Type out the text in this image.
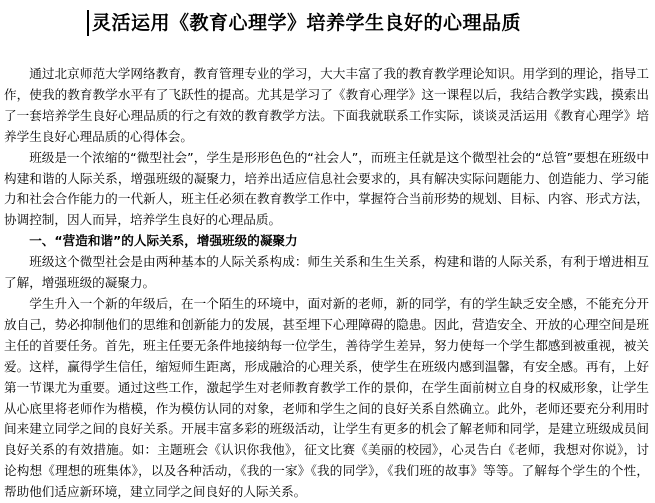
灵活运用《教育心理学》培养学生良好的心理品质

通过北京师范大学网络教育，教育管理专业的学习，大大丰富了我的教育教学理论知识。用学到的理论，指导工作，使我的教育教学水平有了飞跃性的提高。尤其是学习了《教育心理学》这一课程以后，我结合教学实践，摸索出了一套培养学生良好心理品质的行之有效的教育教学方法。下面我就联系工作实际，谈谈灵活运用《教育心理学》培养学生良好心理品质的心得体会。

班级是一个浓缩的“微型社会”，学生是形形色色的“社会人”，而班主任就是这个微型社会的“总管”要想在班级中构建和谐的人际关系，增强班级的凝聚力，培养出适应信息社会要求的，具有解决实际问题能力、创造能力、学习能力和社会合作能力的一代新人，班主任必须在教育教学工作中，掌握符合当前形势的规划、目标、内容、形式方法，协调控制，因人而异，培养学生良好的心理品质。

一、“营造和谐”的人际关系，增强班级的凝聚力

班级这个微型社会是由两种基本的人际关系构成：师生关系和生生关系，构建和谐的人际关系，有利于增进相互了解，增强班级的凝聚力。

学生升入一个新的年级后，在一个陌生的环境中，面对新的老师，新的同学，有的学生缺乏安全感，不能充分开放自己，势必抑制他们的思维和创新能力的发展，甚至埋下心理障碍的隐患。因此，营造安全、开放的心理空间是班主任的首要任务。首先，班主任要无条件地接纳每一位学生，善待学生差异，努力使每一个学生都感到被重视，被关爱。这样，赢得学生信任，缩短师生距离，形成融洽的心理关系，使学生在班级内感到温馨，有安全感。再有，上好第一节课尤为重要。通过这些工作，激起学生对老师教育教学工作的景仰，在学生面前树立自身的权威形象，让学生从心底里将老师作为楷模，作为模仿认同的对象，老师和学生之间的良好关系自然确立。此外，老师还要充分利用时间来建立同学之间的良好关系。开展丰富多彩的班级活动，让学生有更多的机会了解老师和同学，是建立班级成员间良好关系的有效措施。如：主题班会《认识你我他》，征文比赛《美丽的校园》，心灵告白《老师，我想对你说》，讨论构想《理想的班集体》，以及各种活动，《我的一家》《我的同学》，《我们班的故事》等等。了解每个学生的个性，帮助他们适应新环境，建立同学之间良好的人际关系。
